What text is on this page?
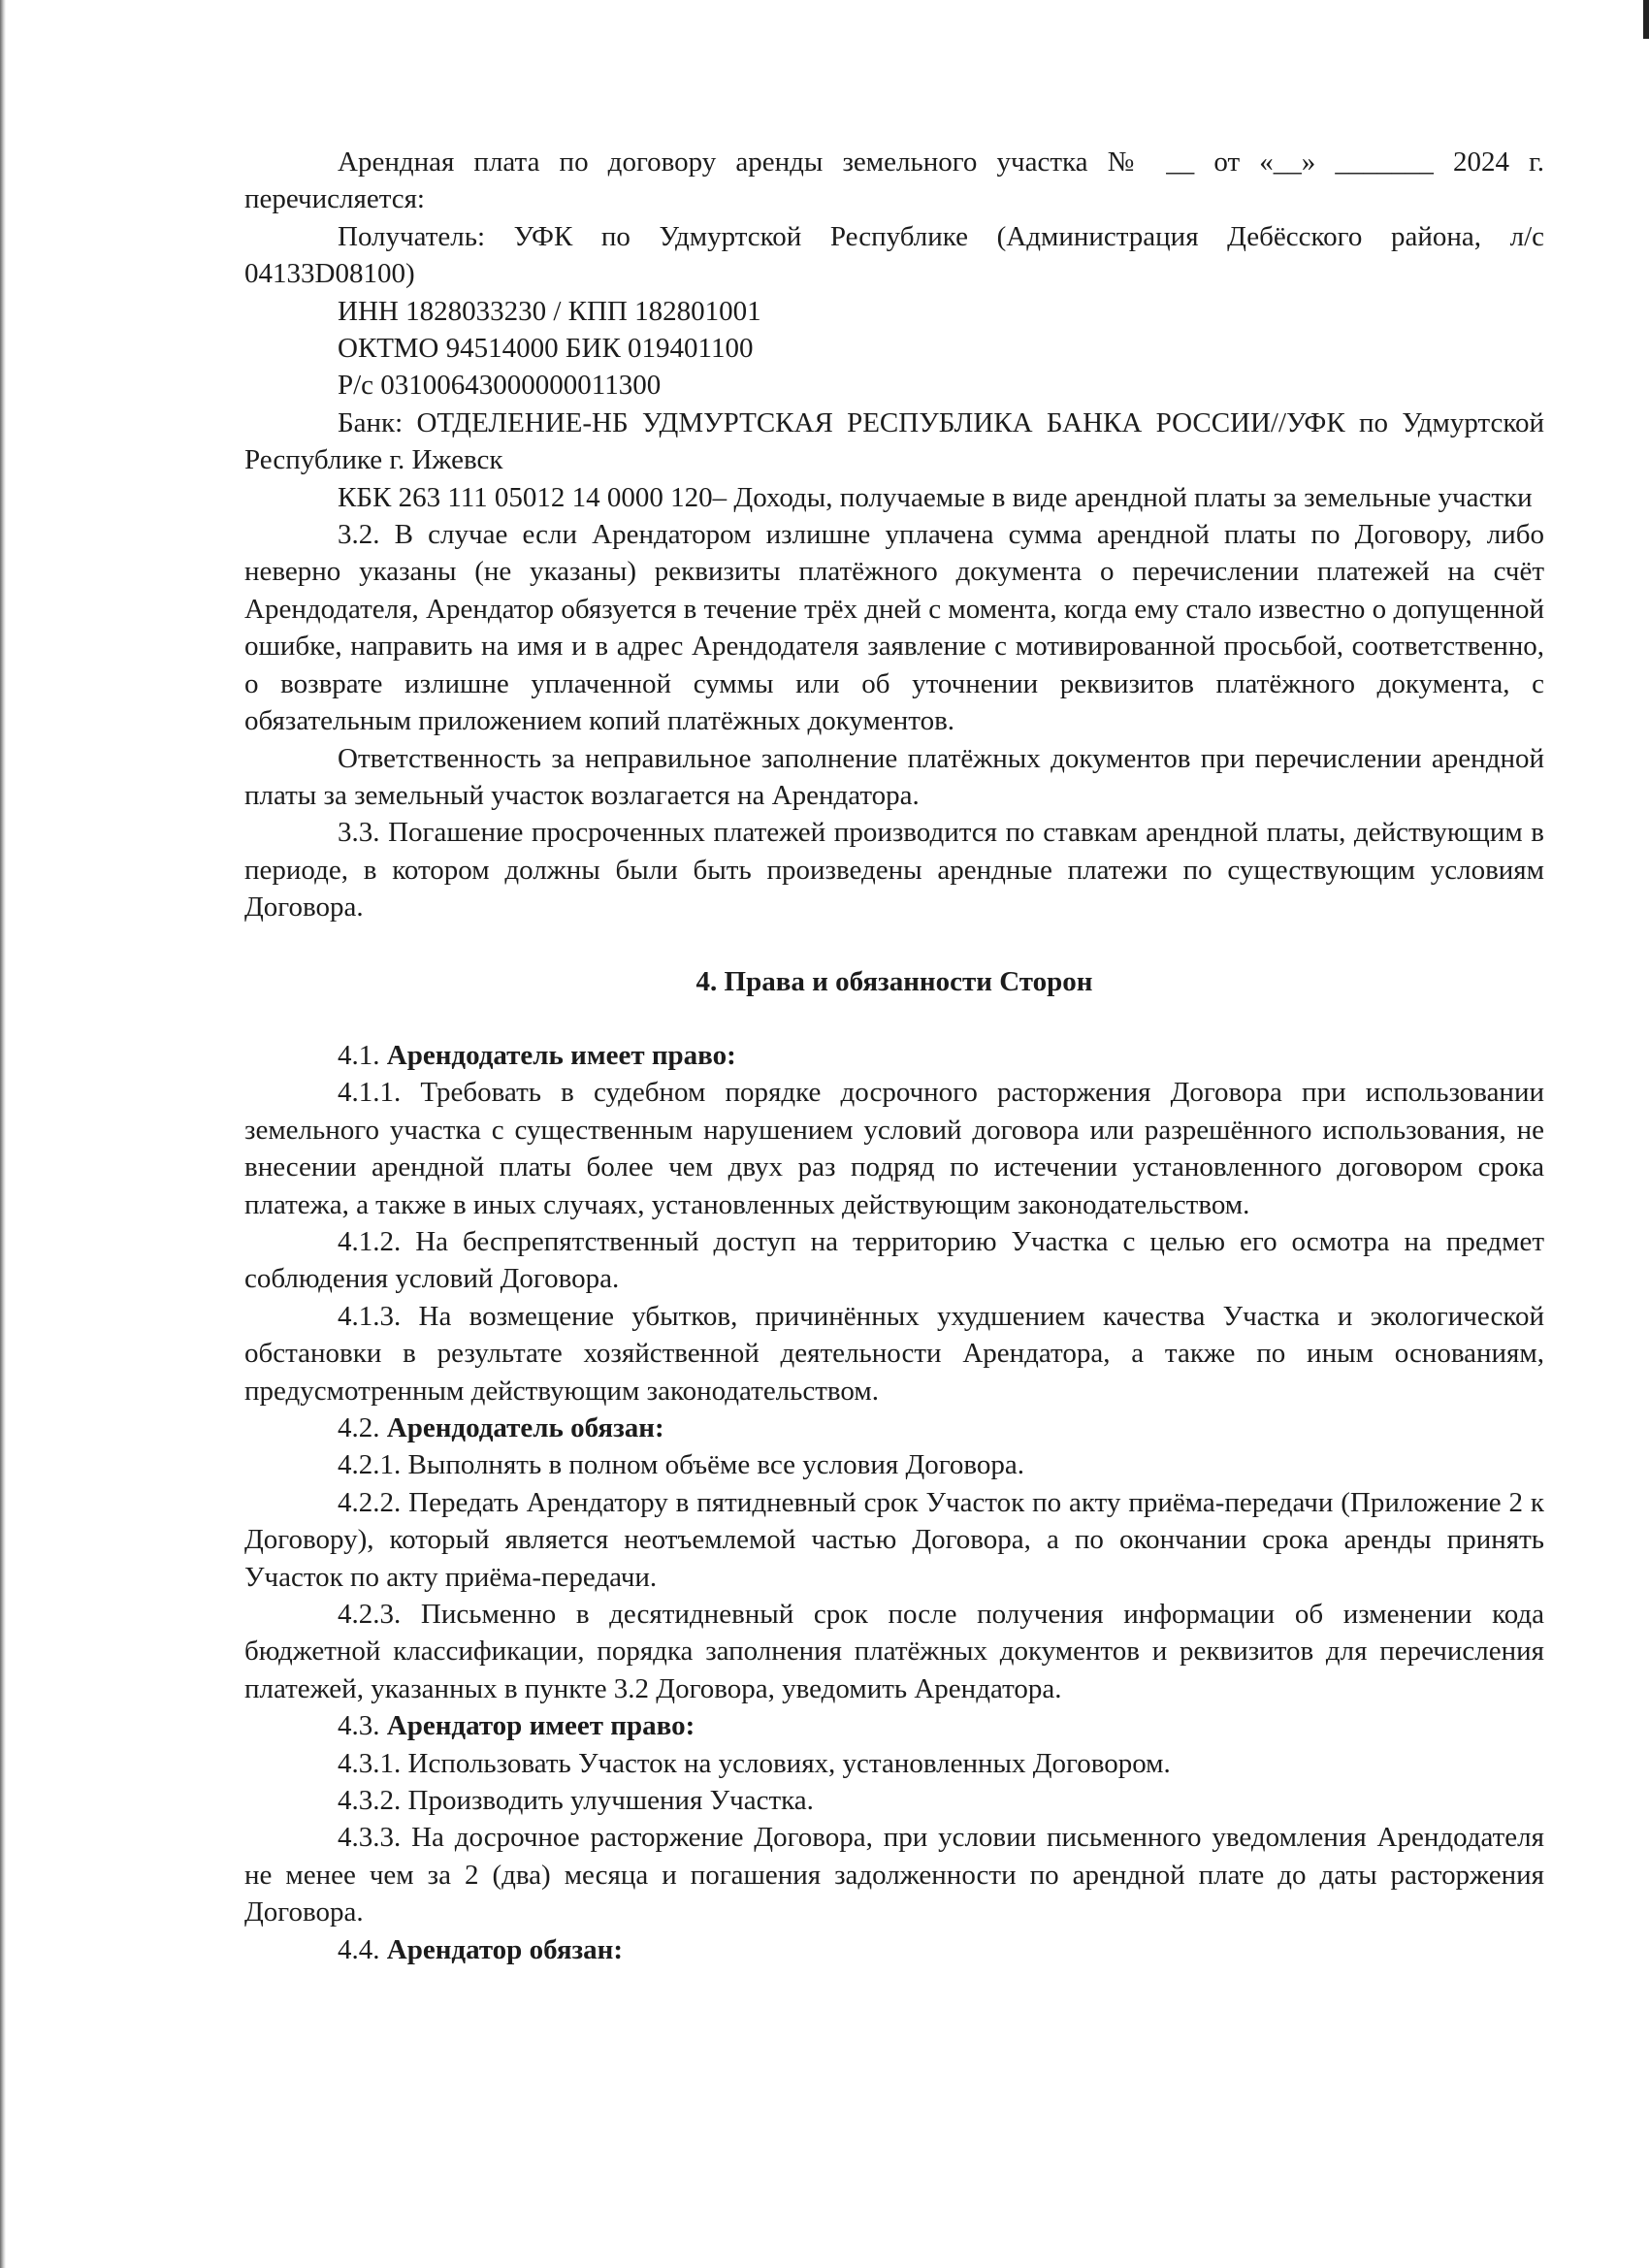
Арендная плата по договору аренды земельного участка № __ от «__» _______ 2024 г. перечисляется:

Получатель: УФК по Удмуртской Республике (Администрация Дебёсского района, л/с 04133D08100)

ИНН 1828033230 / КПП 182801001

ОКТМО 94514000 БИК 019401100

Р/с 03100643000000011300

Банк: ОТДЕЛЕНИЕ-НБ УДМУРТСКАЯ РЕСПУБЛИКА БАНКА РОССИИ//УФК по Удмуртской Республике г. Ижевск

КБК 263 111 05012 14 0000 120– Доходы, получаемые в виде арендной платы за земельные участки

3.2. В случае если Арендатором излишне уплачена сумма арендной платы по Договору, либо неверно указаны (не указаны) реквизиты платёжного документа о перечислении платежей на счёт Арендодателя, Арендатор обязуется в течение трёх дней с момента, когда ему стало известно о допущенной ошибке, направить на имя и в адрес Арендодателя заявление с мотивированной просьбой, соответственно, о возврате излишне уплаченной суммы или об уточнении реквизитов платёжного документа, с обязательным приложением копий платёжных документов.

Ответственность за неправильное заполнение платёжных документов при перечислении арендной платы за земельный участок возлагается на Арендатора.

3.3. Погашение просроченных платежей производится по ставкам арендной платы, действующим в периоде, в котором должны были быть произведены арендные платежи по существующим условиям Договора.

4. Права и обязанности Сторон

4.1. Арендодатель имеет право:

4.1.1. Требовать в судебном порядке досрочного расторжения Договора при использовании земельного участка с существенным нарушением условий договора или разрешённого использования, не внесении арендной платы более чем двух раз подряд по истечении установленного договором срока платежа, а также в иных случаях, установленных действующим законодательством.

4.1.2. На беспрепятственный доступ на территорию Участка с целью его осмотра на предмет соблюдения условий Договора.

4.1.3. На возмещение убытков, причинённых ухудшением качества Участка и экологической обстановки в результате хозяйственной деятельности Арендатора, а также по иным основаниям, предусмотренным действующим законодательством.

4.2. Арендодатель обязан:

4.2.1. Выполнять в полном объёме все условия Договора.

4.2.2. Передать Арендатору в пятидневный срок Участок по акту приёма-передачи (Приложение 2 к Договору), который является неотъемлемой частью Договора, а по окончании срока аренды принять Участок по акту приёма-передачи.

4.2.3. Письменно в десятидневный срок после получения информации об изменении кода бюджетной классификации, порядка заполнения платёжных документов и реквизитов для перечисления платежей, указанных в пункте 3.2 Договора, уведомить Арендатора.

4.3. Арендатор имеет право:

4.3.1. Использовать Участок на условиях, установленных Договором.

4.3.2. Производить улучшения Участка.

4.3.3. На досрочное расторжение Договора, при условии письменного уведомления Арендодателя не менее чем за 2 (два) месяца и погашения задолженности по арендной плате до даты расторжения Договора.

4.4. Арендатор обязан:
